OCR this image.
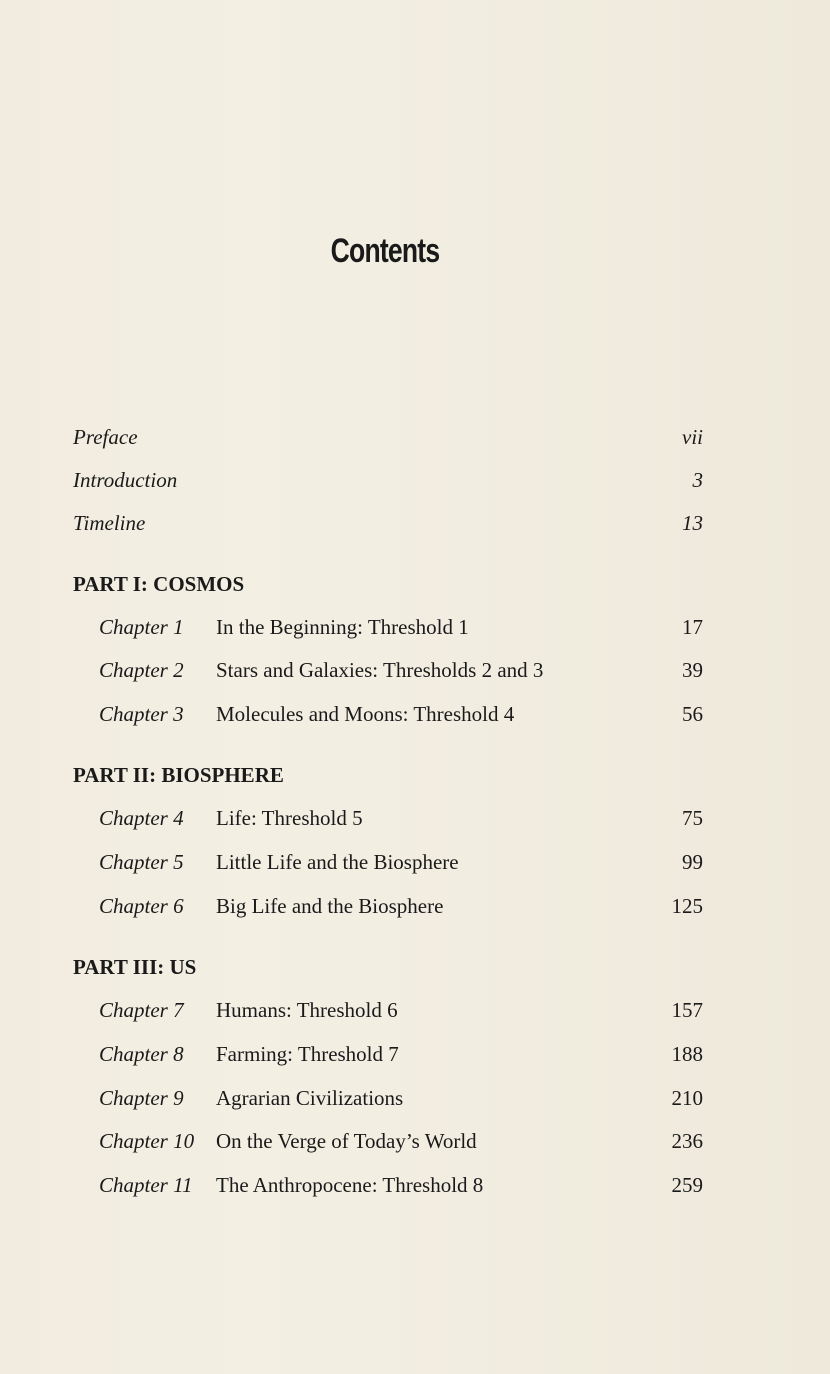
Contents
Preface	vii
Introduction	3
Timeline	13
PART I: COSMOS
Chapter 1 In the Beginning: Threshold 1	17
Chapter 2 Stars and Galaxies: Thresholds 2 and 3	39
Chapter 3 Molecules and Moons: Threshold 4	56
PART II: BIOSPHERE
Chapter 4 Life: Threshold 5	75
Chapter 5 Little Life and the Biosphere	99
Chapter 6 Big Life and the Biosphere	125
PART III: US
Chapter 7 Humans: Threshold 6	157
Chapter 8 Farming: Threshold 7	188
Chapter 9 Agrarian Civilizations	210
Chapter 10 On the Verge of Today’s World	236
Chapter 11 The Anthropocene: Threshold 8	259
